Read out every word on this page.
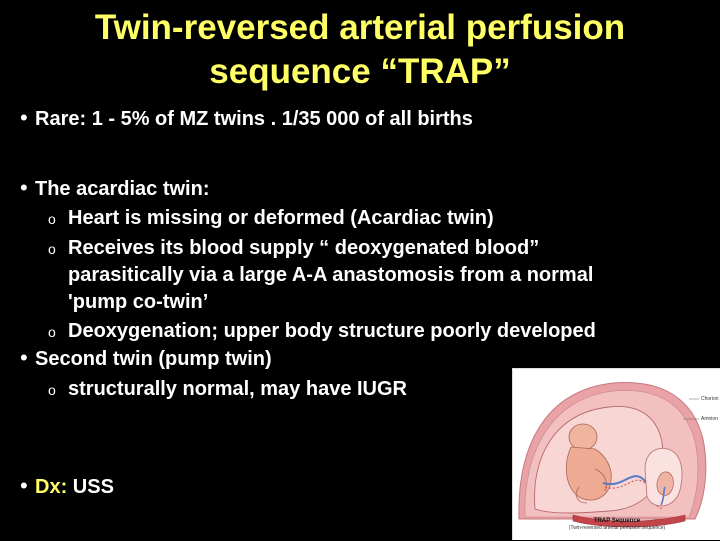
Twin-reversed arterial perfusion
sequence “TRAP”
• Rare: 1 - 5% of MZ twins . 1/35 000 of all births
• The acardiac twin:
o Heart is missing or deformed (Acardiac twin)
o Receives its blood supply “ deoxygenated blood”
parasitically via a large A-A anastomosis from a normal
'pump co-twin’
o Deoxygenation; upper body structure poorly developed
• Second twin (pump twin)
o structurally normal, may have IUGR
• Dx: USS
Chorion
Amnion
TRAP Sequence
(Twin-reversed arterial perfusion sequence)
